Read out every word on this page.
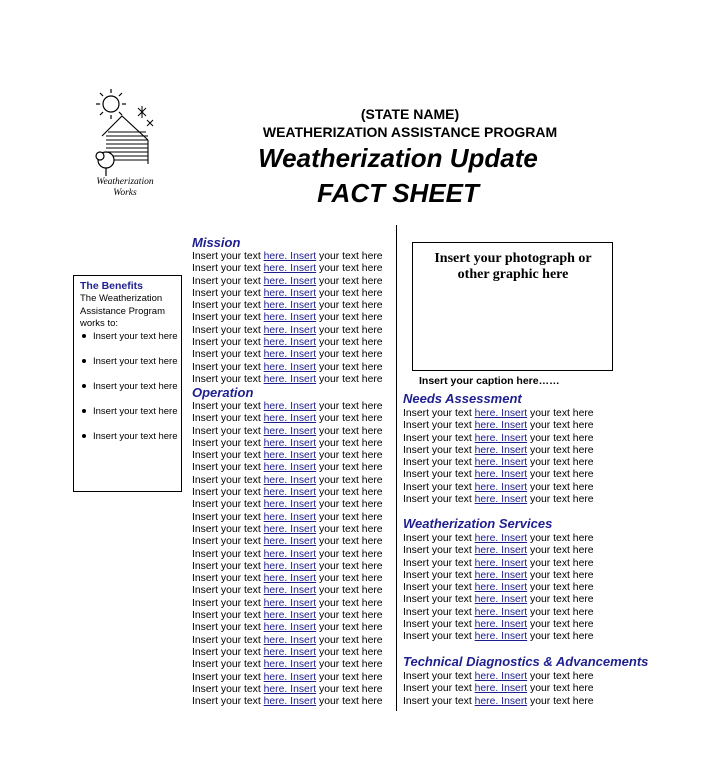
Weatherization
Works
(STATE NAME)
WEATHERIZATION ASSISTANCE PROGRAM
Weatherization Update
FACT SHEET
The Benefits
The Weatherization Assistance Program works to:
Insert your text here
Insert your text here
Insert your text here
Insert your text here
Insert your text here
Mission
Insert your text here. Insert your text here
Insert your text here. Insert your text here
Insert your text here. Insert your text here
Insert your text here. Insert your text here
Insert your text here. Insert your text here
Insert your text here. Insert your text here
Insert your text here. Insert your text here
Insert your text here. Insert your text here
Insert your text here. Insert your text here
Insert your text here. Insert your text here
Insert your text here. Insert your text here
Operation
Insert your text here. Insert your text here
Insert your text here. Insert your text here
Insert your text here. Insert your text here
Insert your text here. Insert your text here
Insert your text here. Insert your text here
Insert your text here. Insert your text here
Insert your text here. Insert your text here
Insert your text here. Insert your text here
Insert your text here. Insert your text here
Insert your text here. Insert your text here
Insert your text here. Insert your text here
Insert your text here. Insert your text here
Insert your text here. Insert your text here
Insert your text here. Insert your text here
Insert your text here. Insert your text here
Insert your text here. Insert your text here
Insert your text here. Insert your text here
Insert your text here. Insert your text here
Insert your text here. Insert your text here
Insert your text here. Insert your text here
Insert your text here. Insert your text here
Insert your text here. Insert your text here
Insert your text here. Insert your text here
Insert your text here. Insert your text here
Insert your text here. Insert your text here
Insert your photograph or other graphic here
Insert your caption here……
Needs Assessment
Insert your text here. Insert your text here
Insert your text here. Insert your text here
Insert your text here. Insert your text here
Insert your text here. Insert your text here
Insert your text here. Insert your text here
Insert your text here. Insert your text here
Insert your text here. Insert your text here
Insert your text here. Insert your text here
Weatherization Services
Insert your text here. Insert your text here
Insert your text here. Insert your text here
Insert your text here. Insert your text here
Insert your text here. Insert your text here
Insert your text here. Insert your text here
Insert your text here. Insert your text here
Insert your text here. Insert your text here
Insert your text here. Insert your text here
Insert your text here. Insert your text here
Technical Diagnostics & Advancements
Insert your text here. Insert your text here
Insert your text here. Insert your text here
Insert your text here. Insert your text here
